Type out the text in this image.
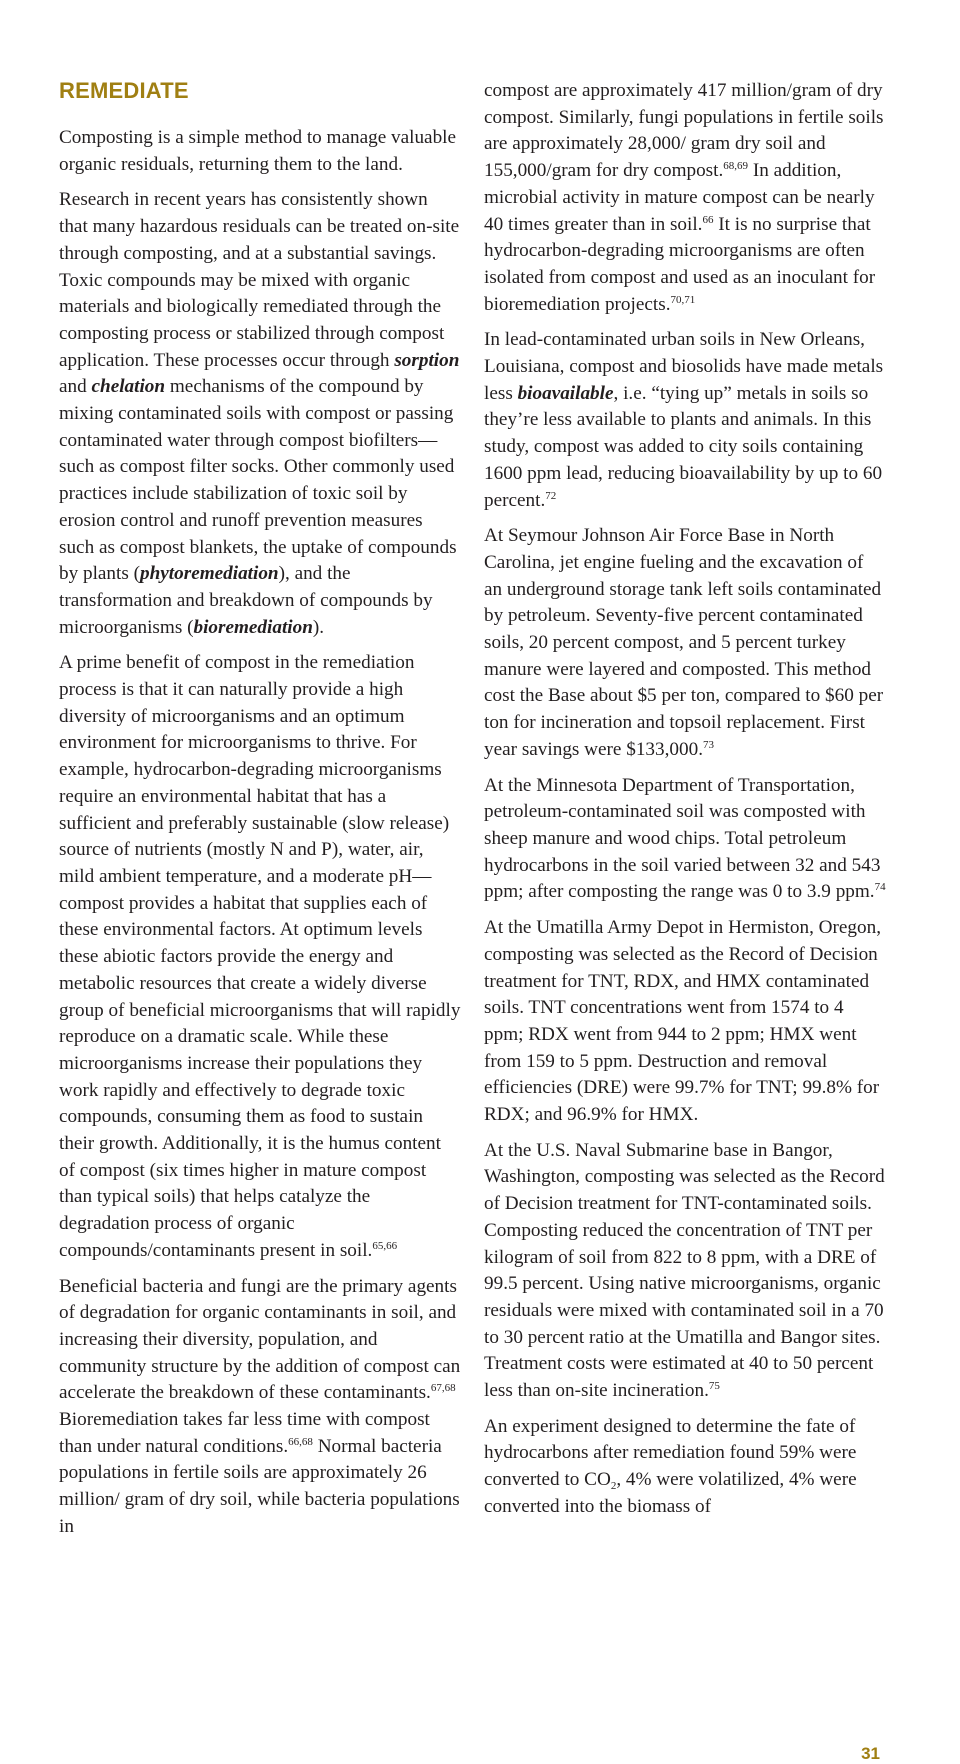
REMEDIATE

Composting is a simple method to manage valuable organic residuals, returning them to the land.

Research in recent years has consistently shown that many hazardous residuals can be treated on-site through composting, and at a substantial savings. Toxic compounds may be mixed with organic materials and biologically remediated through the composting process or stabilized through compost application. These processes occur through sorption and chelation mechanisms of the compound by mixing contaminated soils with compost or passing contaminated water through compost biofilters—such as compost filter socks. Other commonly used practices include stabilization of toxic soil by erosion control and runoff prevention measures such as compost blankets, the uptake of compounds by plants (phytoremediation), and the transformation and breakdown of compounds by microorganisms (bioremediation).

A prime benefit of compost in the remediation process is that it can naturally provide a high diversity of microorganisms and an optimum environment for microorganisms to thrive. For example, hydrocarbon-degrading microorganisms require an environmental habitat that has a sufficient and preferably sustainable (slow release) source of nutrients (mostly N and P), water, air, mild ambient temperature, and a moderate pH—compost provides a habitat that supplies each of these environmental factors. At optimum levels these abiotic factors provide the energy and metabolic resources that create a widely diverse group of beneficial microorganisms that will rapidly reproduce on a dramatic scale. While these microorganisms increase their populations they work rapidly and effectively to degrade toxic compounds, consuming them as food to sustain their growth. Additionally, it is the humus content of compost (six times higher in mature compost than typical soils) that helps catalyze the degradation process of organic compounds/contaminants present in soil.$^{65,66}$

Beneficial bacteria and fungi are the primary agents of degradation for organic contaminants in soil, and increasing their diversity, population, and community structure by the addition of compost can accelerate the breakdown of these contaminants.$^{67,68}$ Bioremediation takes far less time with compost than under natural conditions.$^{66,68}$ Normal bacteria populations in fertile soils are approximately 26 million/ gram of dry soil, while bacteria populations in

compost are approximately 417 million/gram of dry compost. Similarly, fungi populations in fertile soils are approximately 28,000/ gram dry soil and 155,000/gram for dry compost.$^{68,69}$ In addition, microbial activity in mature compost can be nearly 40 times greater than in soil.$^{66}$ It is no surprise that hydrocarbon-degrading microorganisms are often isolated from compost and used as an inoculant for bioremediation projects.$^{70,71}$

In lead-contaminated urban soils in New Orleans, Louisiana, compost and biosolids have made metals less bioavailable, i.e. “tying up” metals in soils so they’re less available to plants and animals. In this study, compost was added to city soils containing 1600 ppm lead, reducing bioavailability by up to 60 percent.$^{72}$

At Seymour Johnson Air Force Base in North Carolina, jet engine fueling and the excavation of an underground storage tank left soils contaminated by petroleum. Seventy-five percent contaminated soils, 20 percent compost, and 5 percent turkey manure were layered and composted. This method cost the Base about $5 per ton, compared to $60 per ton for incineration and topsoil replacement. First year savings were $133,000.73

At the Minnesota Department of Transportation, petroleum-contaminated soil was composted with sheep manure and wood chips. Total petroleum hydrocarbons in the soil varied between 32 and 543 ppm; after composting the range was 0 to 3.9 ppm.$^{74}$

At the Umatilla Army Depot in Hermiston, Oregon, composting was selected as the Record of Decision treatment for TNT, RDX, and HMX contaminated soils. TNT concentrations went from 1574 to 4 ppm; RDX went from 944 to 2 ppm; HMX went from 159 to 5 ppm. Destruction and removal efficiencies (DRE) were 99.7% for TNT; 99.8% for RDX; and 96.9% for HMX.

At the U.S. Naval Submarine base in Bangor, Washington, composting was selected as the Record of Decision treatment for TNT-contaminated soils. Composting reduced the concentration of TNT per kilogram of soil from 822 to 8 ppm, with a DRE of 99.5 percent. Using native microorganisms, organic residuals were mixed with contaminated soil in a 70 to 30 percent ratio at the Umatilla and Bangor sites. Treatment costs were estimated at 40 to 50 percent less than on-site incineration.$^{75}$

An experiment designed to determine the fate of hydrocarbons after remediation found 59% were converted to $CO_2$, 4% were volatilized, 4% were converted into the biomass of

31
